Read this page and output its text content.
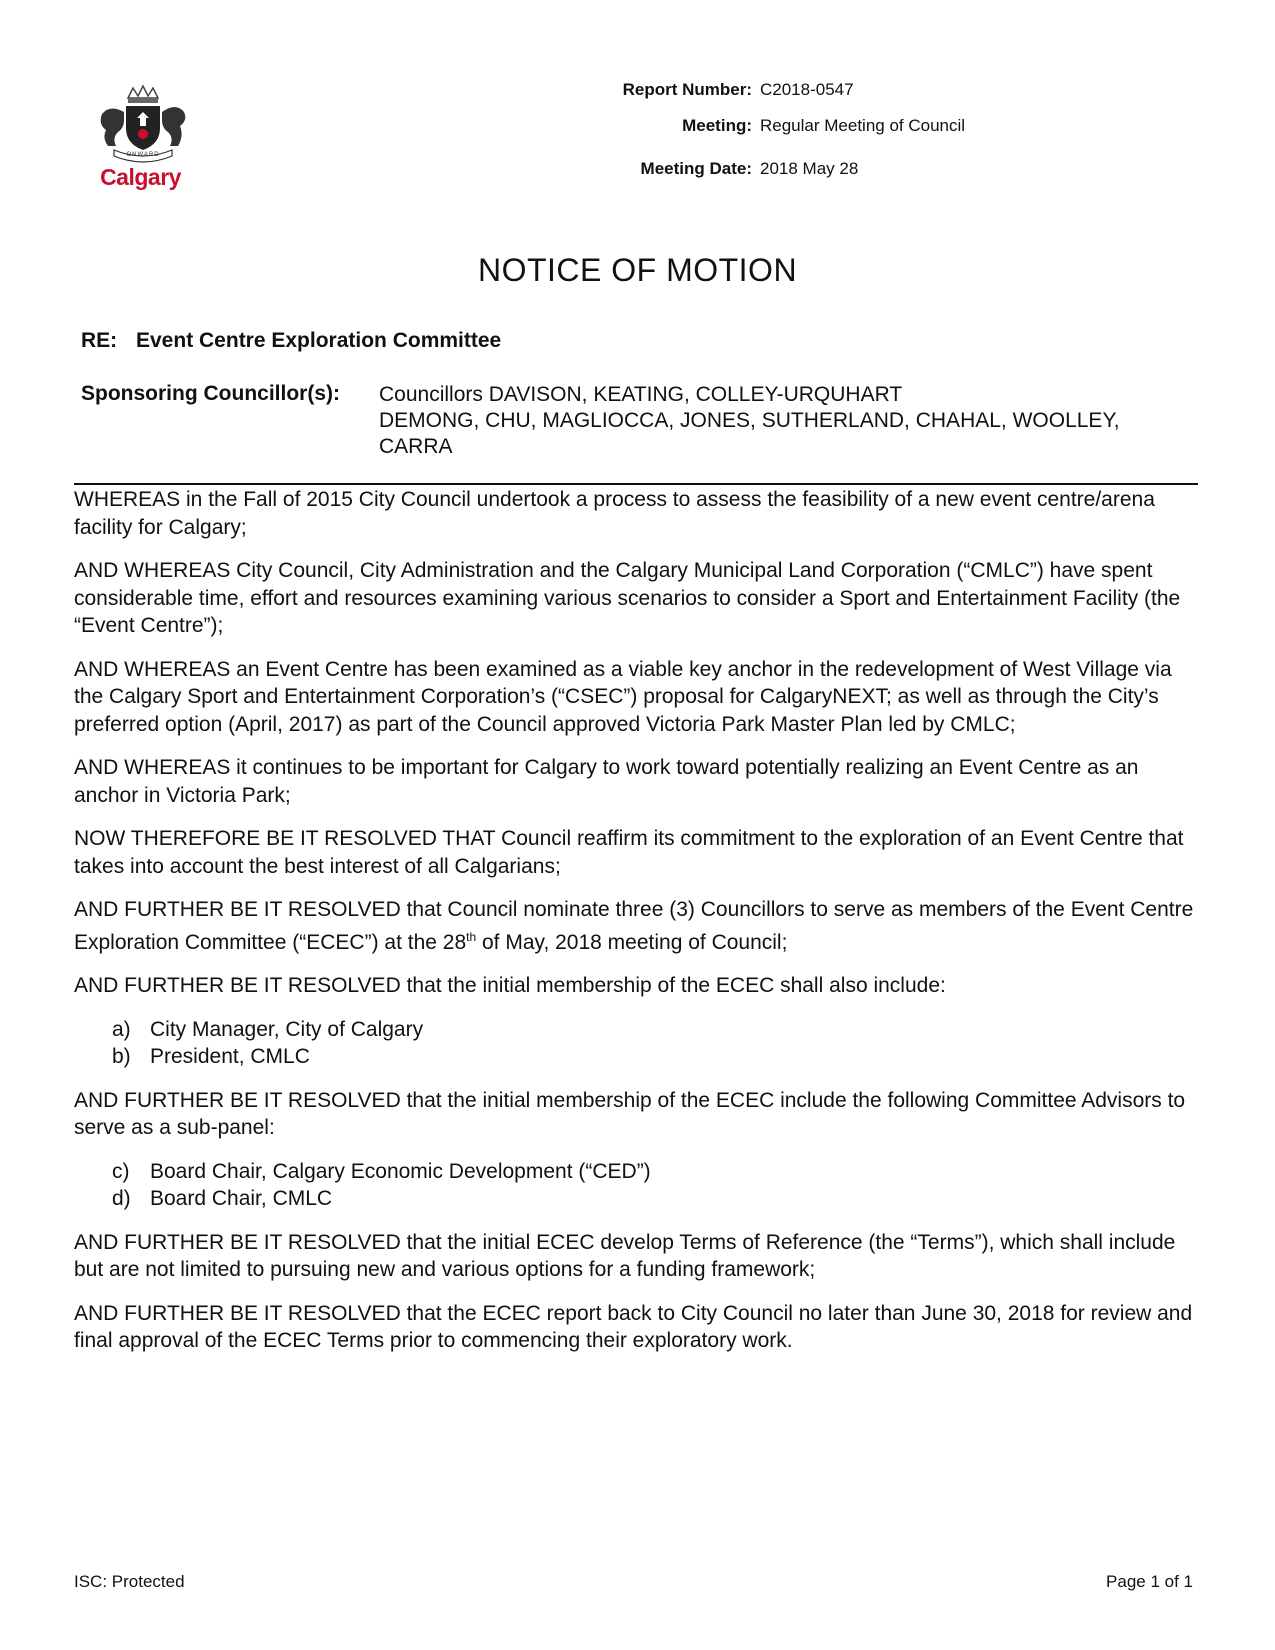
ONWARD
Calgary
Report Number: C2018-0547
Meeting: Regular Meeting of Council
Meeting Date: 2018 May 28
NOTICE OF MOTION
RE: Event Centre Exploration Committee
Sponsoring Councillor(s): Councillors DAVISON, KEATING, COLLEY-URQUHART
DEMONG, CHU, MAGLIOCCA, JONES, SUTHERLAND, CHAHAL, WOOLLEY,
CARRA

WHEREAS in the Fall of 2015 City Council undertook a process to assess the feasibility of a new event centre/arena facility for Calgary;

AND WHEREAS City Council, City Administration and the Calgary Municipal Land Corporation (“CMLC”) have spent considerable time, effort and resources examining various scenarios to consider a Sport and Entertainment Facility (the “Event Centre”);

AND WHEREAS an Event Centre has been examined as a viable key anchor in the redevelopment of West Village via the Calgary Sport and Entertainment Corporation’s (“CSEC”) proposal for CalgaryNEXT; as well as through the City’s preferred option (April, 2017) as part of the Council approved Victoria Park Master Plan led by CMLC;

AND WHEREAS it continues to be important for Calgary to work toward potentially realizing an Event Centre as an anchor in Victoria Park;

NOW THEREFORE BE IT RESOLVED THAT Council reaffirm its commitment to the exploration of an Event Centre that takes into account the best interest of all Calgarians;

AND FURTHER BE IT RESOLVED that Council nominate three (3) Councillors to serve as members of the Event Centre Exploration Committee (“ECEC”) at the 28th of May, 2018 meeting of Council;

AND FURTHER BE IT RESOLVED that the initial membership of the ECEC shall also include:

a) City Manager, City of Calgary
b) President, CMLC

AND FURTHER BE IT RESOLVED that the initial membership of the ECEC include the following Committee Advisors to serve as a sub-panel:

c) Board Chair, Calgary Economic Development (“CED”)
d) Board Chair, CMLC

AND FURTHER BE IT RESOLVED that the initial ECEC develop Terms of Reference (the “Terms”), which shall include but are not limited to pursuing new and various options for a funding framework;

AND FURTHER BE IT RESOLVED that the ECEC report back to City Council no later than June 30, 2018 for review and final approval of the ECEC Terms prior to commencing their exploratory work.

ISC: Protected	Page 1 of 1
